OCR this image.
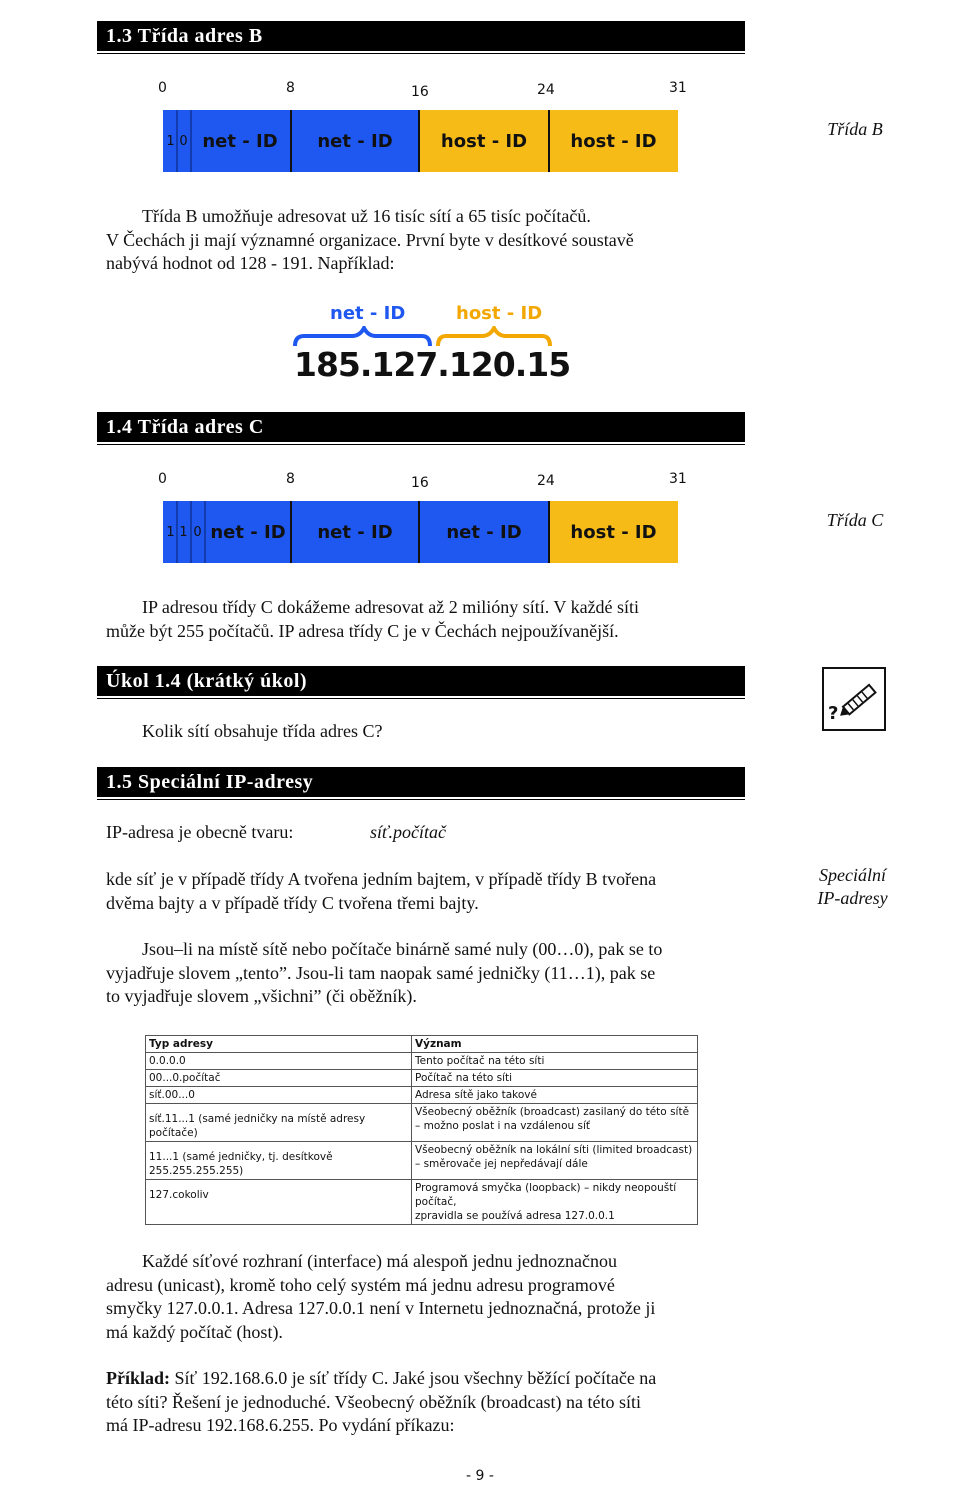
1.3 Třída adres B
0	8	16	24	31
net - ID	net - ID	host - ID	host - ID
1 0
Třída B
Třída B umožňuje adresovat už 16 tisíc sítí a 65 tisíc počítačů.
V Čechách ji mají významné organizace. První byte v desítkové soustavě
nabývá hodnot od 128 - 191. Například:
net - ID	host - ID
185.127.120.15
1.4 Třída adres C
0	8	16	24	31
net - ID	net - ID	net - ID	host - ID
1 1 0
Třída C
IP adresou třídy C dokážeme adresovat až 2 milióny sítí. V každé síti
může být 255 počítačů. IP adresa třídy C je v Čechách nejpoužívanější.
Úkol 1.4 (krátký úkol)
Kolik sítí obsahuje třída adres C?
?
1.5 Speciální IP-adresy
IP-adresa je obecně tvaru:	síť.počítač
kde síť je v případě třídy A tvořena jedním bajtem, v případě třídy B tvořena
dvěma bajty a v případě třídy C tvořena třemi bajty.
Speciální
IP-adresy
Jsou–li na místě sítě nebo počítače binárně samé nuly (00…0), pak se to
vyjadřuje slovem „tento”. Jsou-li tam naopak samé jedničky (11…1), pak se
to vyjadřuje slovem „všichni” (či oběžník).
Typ adresy	Význam
0.0.0.0	Tento počítač na této síti
00...0.počítač	Počítač na této síti
síť.00...0	Adresa sítě jako takové
síť.11...1 (samé jedničky na místě adresy počítače)	Všeobecný oběžník (broadcast) zasilaný do této sítě
– možno poslat i na vzdálenou síť

11...1 (samé jedničky, tj. desítkově 255.255.255.255)	Všeobecný oběžník na lokální síti (limited broadcast)
– směrovače jej nepředávají dále

127.cokoliv	Programová smyčka (loopback) – nikdy neopouští počítač,
zpravidla se používá adresa 127.0.0.1
Každé síťové rozhraní (interface) má alespoň jednu jednoznačnou
adresu (unicast), kromě toho celý systém má jednu adresu programové
smyčky 127.0.0.1. Adresa 127.0.0.1 není v Internetu jednoznačná, protože ji
má každý počítač (host).
Příklad: Síť 192.168.6.0 je síť třídy C. Jaké jsou všechny běžící počítače na
této síti? Řešení je jednoduché. Všeobecný oběžník (broadcast) na této síti
má IP-adresu 192.168.6.255. Po vydání příkazu:
- 9 -
